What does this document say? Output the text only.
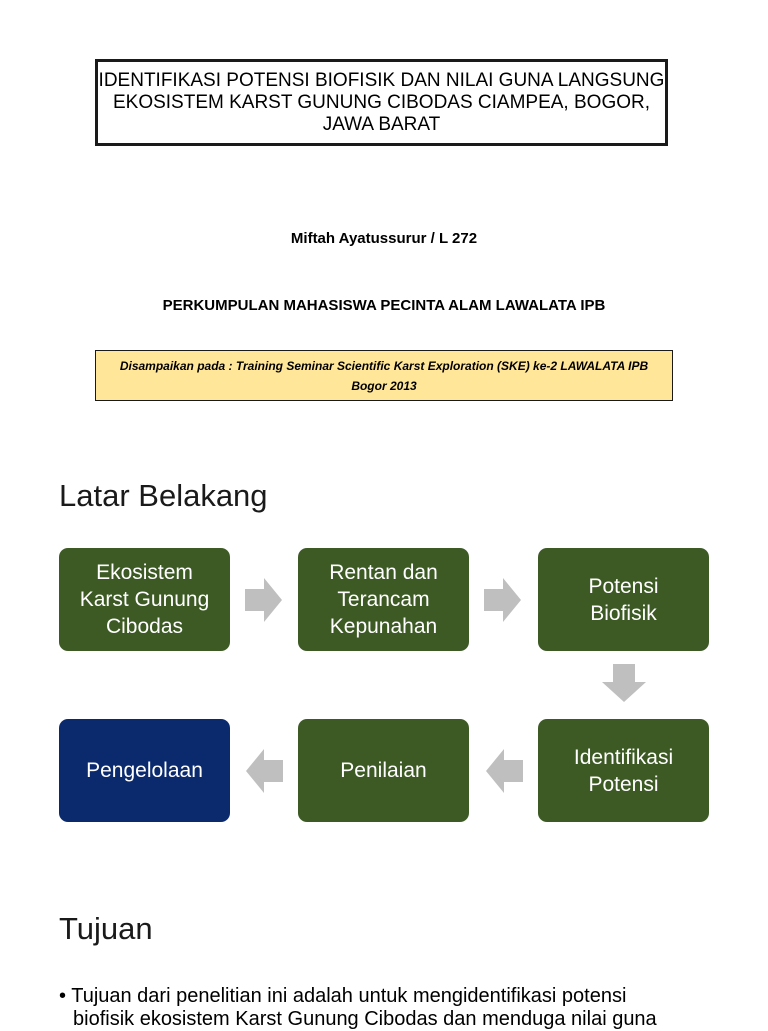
IDENTIFIKASI POTENSI BIOFISIK DAN NILAI GUNA LANGSUNG
EKOSISTEM KARST GUNUNG CIBODAS CIAMPEA, BOGOR,
JAWA BARAT
Miftah Ayatussurur / L 272
PERKUMPULAN MAHASISWA PECINTA ALAM LAWALATA IPB
Disampaikan pada : Training Seminar Scientific Karst Exploration (SKE) ke-2 LAWALATA IPB
Bogor 2013
Latar Belakang
Ekosistem
Karst Gunung
Cibodas
Rentan dan
Terancam
Kepunahan
Potensi
Biofisik
Identifikasi
Potensi
Penilaian
Pengelolaan
Tujuan
• Tujuan dari penelitian ini adalah untuk mengidentifikasi potensi
biofisik ekosistem Karst Gunung Cibodas dan menduga nilai guna
